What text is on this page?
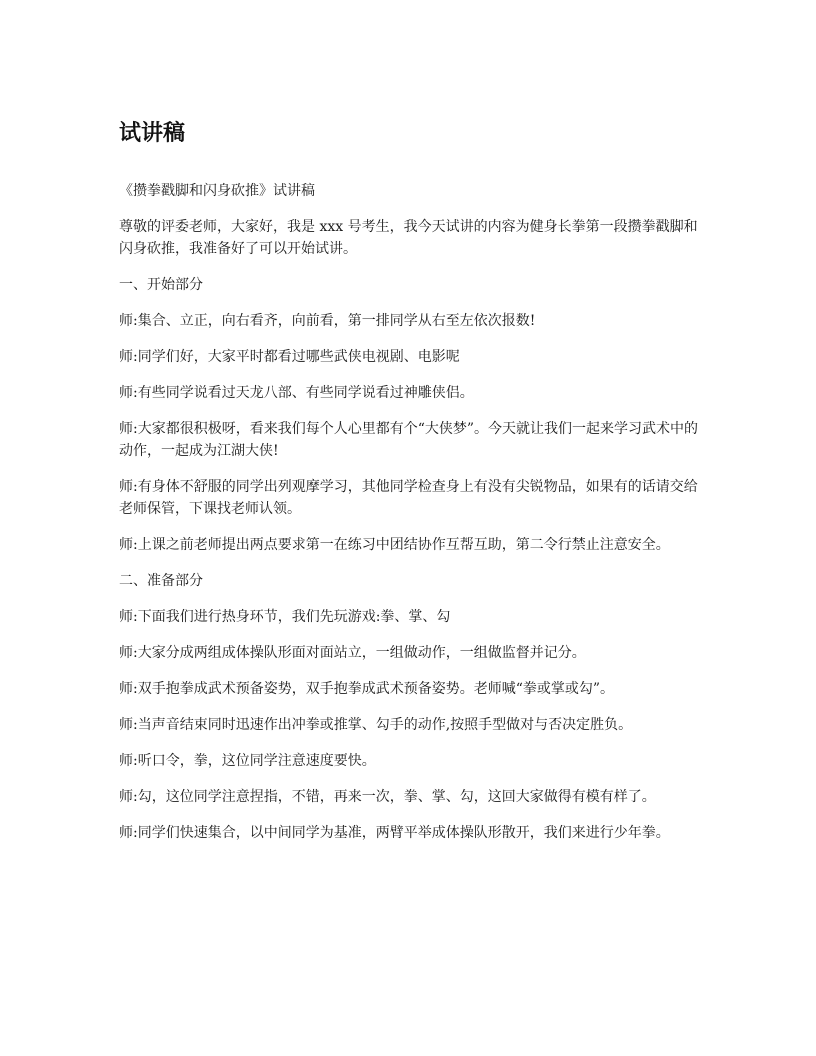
试讲稿

《攒拳戳脚和闪身砍推》试讲稿

尊敬的评委老师，大家好，我是 xxx 号考生，我今天试讲的内容为健身长拳第一段攒拳戳脚和闪身砍推，我准备好了可以开始试讲。

一、开始部分

师:集合、立正，向右看齐，向前看，第一排同学从右至左依次报数!

师:同学们好，大家平时都看过哪些武侠电视剧、电影呢

师:有些同学说看过天龙八部、有些同学说看过神雕侠侣。

师:大家都很积极呀，看来我们每个人心里都有个“大侠梦”。今天就让我们一起来学习武术中的动作，一起成为江湖大侠!

师:有身体不舒服的同学出列观摩学习，其他同学检查身上有没有尖锐物品，如果有的话请交给老师保管，下课找老师认领。

师:上课之前老师提出两点要求第一在练习中团结协作互帮互助，第二令行禁止注意安全。

二、准备部分

师:下面我们进行热身环节，我们先玩游戏:拳、掌、勾

师:大家分成两组成体操队形面对面站立，一组做动作，一组做监督并记分。

师:双手抱拳成武术预备姿势，双手抱拳成武术预备姿势。老师喊“拳或掌或勾”。

师:当声音结束同时迅速作出冲拳或推掌、勾手的动作,按照手型做对与否决定胜负。

师:听口令，拳，这位同学注意速度要快。

师:勾，这位同学注意捏指，不错，再来一次，拳、掌、勾，这回大家做得有模有样了。

师:同学们快速集合，以中间同学为基准，两臂平举成体操队形散开，我们来进行少年拳。
